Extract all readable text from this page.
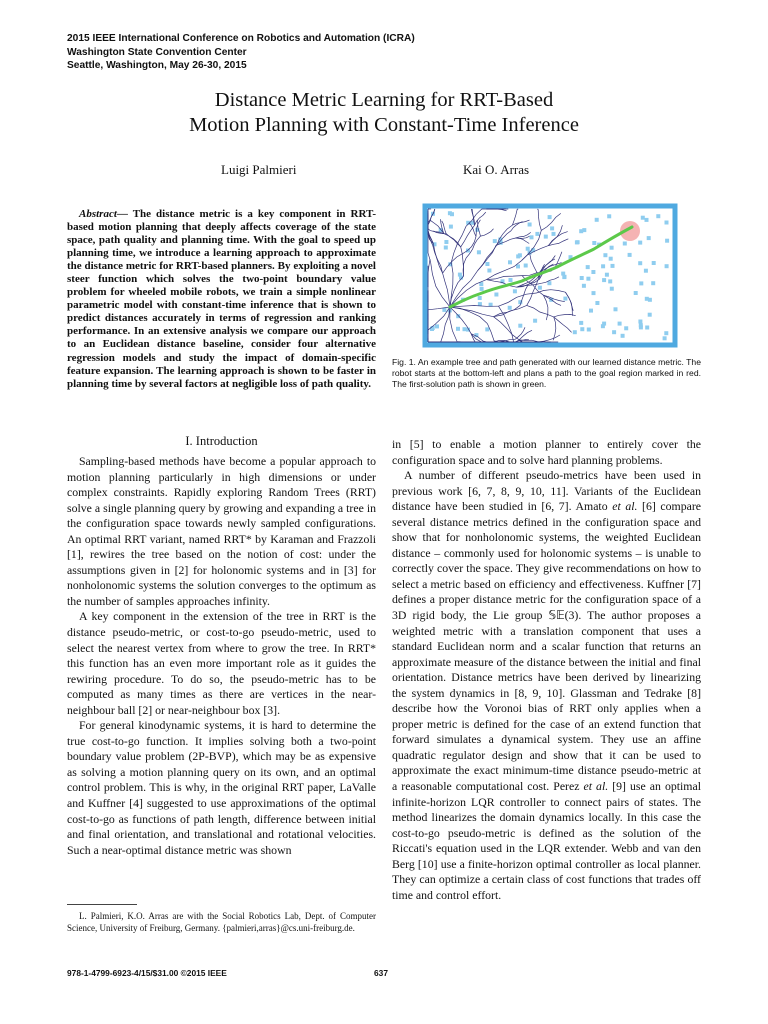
2015 IEEE International Conference on Robotics and Automation (ICRA)
Washington State Convention Center
Seattle, Washington, May 26-30, 2015
Distance Metric Learning for RRT-Based
Motion Planning with Constant-Time Inference
Luigi Palmieri	Kai O. Arras
Abstract— The distance metric is a key component in RRT-based motion planning that deeply affects coverage of the state space, path quality and planning time. With the goal to speed up planning time, we introduce a learning approach to approximate the distance metric for RRT-based planners. By exploiting a novel steer function which solves the two-point boundary value problem for wheeled mobile robots, we train a simple nonlinear parametric model with constant-time inference that is shown to predict distances accurately in terms of regression and ranking performance. In an extensive analysis we compare our approach to an Euclidean distance baseline, consider four alternative regression models and study the impact of domain-specific feature expansion. The learning approach is shown to be faster in planning time by several factors at negligible loss of path quality.
I. Introduction

Sampling-based methods have become a popular approach to motion planning particularly in high dimensions or under complex constraints. Rapidly exploring Random Trees (RRT) solve a single planning query by growing and expanding a tree in the configuration space towards newly sampled configurations. An optimal RRT variant, named RRT* by Karaman and Frazzoli [1], rewires the tree based on the notion of cost: under the assumptions given in [2] for holonomic systems and in [3] for nonholonomic systems the solution converges to the optimum as the number of samples approaches infinity.

A key component in the extension of the tree in RRT is the distance pseudo-metric, or cost-to-go pseudo-metric, used to select the nearest vertex from where to grow the tree. In RRT* this function has an even more important role as it guides the rewiring procedure. To do so, the pseudo-metric has to be computed as many times as there are vertices in the near-neighbour ball [2] or near-neighbour box [3].

For general kinodynamic systems, it is hard to determine the true cost-to-go function. It implies solving both a two-point boundary value problem (2P-BVP), which may be as expensive as solving a motion planning query on its own, and an optimal control problem. This is why, in the original RRT paper, LaValle and Kuffner [4] suggested to use approximations of the optimal cost-to-go as functions of path length, difference between initial and final orientation, and translational and rotational velocities. Such a near-optimal distance metric was shown

L. Palmieri, K.O. Arras are with the Social Robotics Lab, Dept. of Computer Science, University of Freiburg, Germany. {palmieri,arras}@cs.uni-freiburg.de.

Fig. 1. An example tree and path generated with our learned distance metric. The robot starts at the bottom-left and plans a path to the goal region marked in red. The first-solution path is shown in green.

in [5] to enable a motion planner to entirely cover the configuration space and to solve hard planning problems.

A number of different pseudo-metrics have been used in previous work [6, 7, 8, 9, 10, 11]. Variants of the Euclidean distance have been studied in [6, 7]. Amato et al. [6] compare several distance metrics defined in the configuration space and show that for nonholonomic systems, the weighted Euclidean distance – commonly used for holonomic systems – is unable to correctly cover the space. They give recommendations on how to select a metric based on efficiency and effectiveness. Kuffner [7] defines a proper distance metric for the configuration space of a 3D rigid body, the Lie group 𝕊𝔼(3). The author proposes a weighted metric with a translation component that uses a standard Euclidean norm and a scalar function that returns an approximate measure of the distance between the initial and final orientation. Distance metrics have been derived by linearizing the system dynamics in [8, 9, 10]. Glassman and Tedrake [8] describe how the Voronoi bias of RRT only applies when a proper metric is defined for the case of an extend function that forward simulates a dynamical system. They use an affine quadratic regulator design and show that it can be used to approximate the exact minimum-time distance pseudo-metric at a reasonable computational cost. Perez et al. [9] use an optimal infinite-horizon LQR controller to connect pairs of states. The method linearizes the domain dynamics locally. In this case the cost-to-go pseudo-metric is defined as the solution of the Riccati's equation used in the LQR extender. Webb and van den Berg [10] use a finite-horizon optimal controller as local planner. They can optimize a certain class of cost functions that trades off time and control effort.

978-1-4799-6923-4/15/$31.00 ©2015 IEEE	637
